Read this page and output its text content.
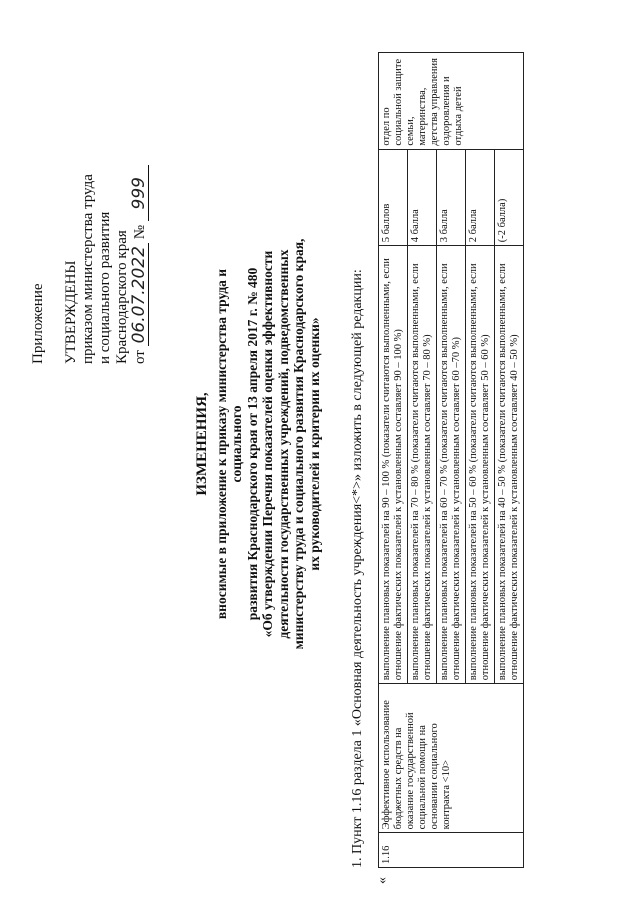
Приложение УТВЕРЖДЕНЫ приказом министерства труда и социального развития Краснодарского края от 06.07.2022 № 999
ИЗМЕНЕНИЯ, вносимые в приложение к приказу министерства труда и социального развития Краснодарского края от 13 апреля 2017 г. № 480 «Об утверждении Перечня показателей оценки эффективности деятельности государственных учреждений, подведомственных министерству труда и социального развития Краснодарского края, их руководителей и критерии их оценки» 1. Пункт 1.16 раздела 1 «Основная деятельность учреждения<*>» изложить в следующей редакции:
«
1.16	Эффективное использование бюджетных средств на оказание государственной социальной помощи на основании социального контракта <10>	выполнение плановых показателей на 90 – 100 % (показатели считаются выполненными, если отношение фактических показателей к установленным составляет 90 – 100 %)	5 баллов	отдел по социальной защите семьи, материнства, детства управления оздоровления и отдыха детей
		выполнение плановых показателей на 70 – 80 % (показатели считаются выполненными, если отношение фактических показателей к установленным составляет 70 – 80 %)	4 балла	
		выполнение плановых показателей на 60 – 70 % (показатели считаются выполненными, если отношение фактических показателей к установленным составляет 60 –70 %)	3 балла	
		выполнение плановых показателей на 50 – 60 % (показатели считаются выполненными, если отношение фактических показателей к установленным составляет 50 – 60 %)	2 балла	
		выполнение плановых показателей на 40 – 50 % (показатели считаются выполненными, если отношение фактических показателей к установленным составляет 40 – 50 %)	(-2 балла)	
